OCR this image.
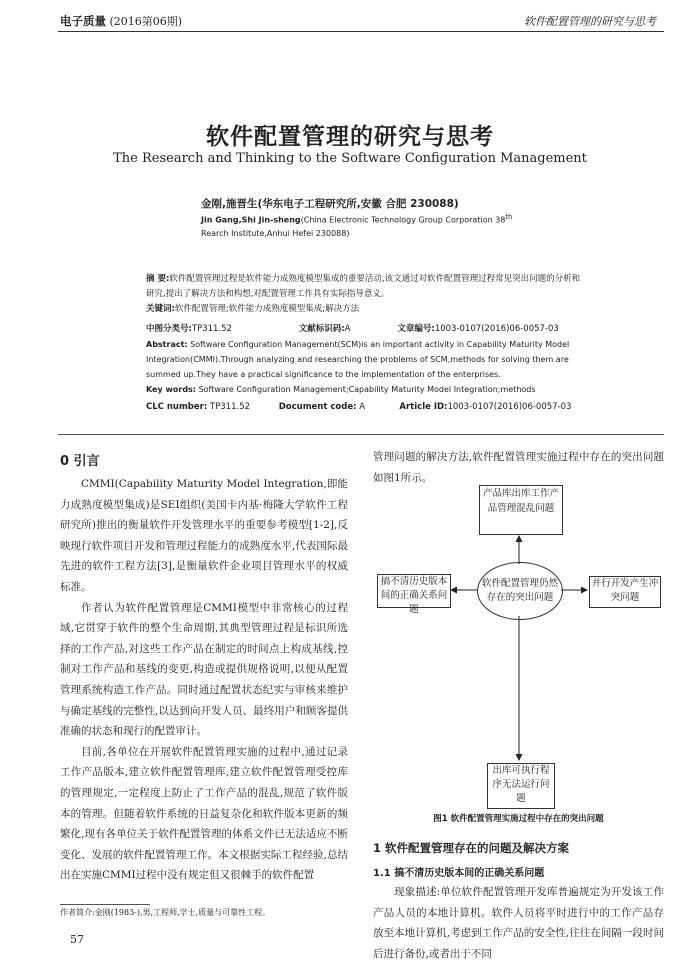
电子质量 (2016第06期)	软件配置管理的研究与思考
软件配置管理的研究与思考
The Research and Thinking to the Software Configuration Management
金刚,施晋生(华东电子工程研究所,安徽 合肥 230088)
Jin Gang,Shi Jin-sheng(China Electronic Technology Group Corporation 38th Rearch Institute,Anhui Hefei 230088)
摘 要:软件配置管理过程是软件能力成熟度模型集成的重要活动,该文通过对软件配置管理过程常见突出问题的分析和研究,提出了解决方法和构想,对配置管理工作具有实际指导意义。
关键词:软件配置管理;软件能力成熟度模型集成;解决方法
中图分类号:TP311.52	文献标识码:A	文章编号:1003-0107(2016)06-0057-03
Abstract: Software Configuration Management(SCM)is an important activity in Capability Maturity Model Integration(CMMI).Through analyzing and researching the problems of SCM,methods for solving them are summed up.They have a practical significance to the implementation of the enterprises.
Key words: Software Configuration Management;Capability Maturity Model Integration;methods
CLC number: TP311.52	Document code: A	Article ID:1003-0107(2016)06-0057-03
0 引言

CMMI(Capability Maturity Model Integration,即能力成熟度模型集成)是SEI组织(美国卡内基·梅隆大学软件工程研究所)推出的衡量软件开发管理水平的重要参考模型[1-2],反映现行软件项目开发和管理过程能力的成熟度水平,代表国际最先进的软件工程方法[3],是衡量软件企业项目管理水平的权威标准。

作者认为软件配置管理是CMMI模型中非常核心的过程域,它贯穿于软件的整个生命周期,其典型管理过程是标识所选择的工作产品,对这些工作产品在制定的时间点上构成基线,控制对工作产品和基线的变更,构造或提供规格说明,以便从配置管理系统构造工作产品。同时通过配置状态纪实与审核来维护与确定基线的完整性,以达到向开发人员、最终用户和顾客提供准确的状态和现行的配置审计。

目前,各单位在开展软件配置管理实施的过程中,通过记录工作产品版本,建立软件配置管理库,建立软件配置管理受控库的管理规定,一定程度上防止了工作产品的混乱,规范了软件版本的管理。但随着软件系统的日益复杂化和软件版本更新的频繁化,现有各单位关于软件配置管理的体系文件已无法适应不断变化、发展的软件配置管理工作。本文根据实际工程经验,总结出在实施CMMI过程中没有规定但又很棘手的软件配置

管理问题的解决方法,软件配置管理实施过程中存在的突出问题如图1所示。

产品库出库工作产品管理混乱问题
搞不清历史版本间的正确关系问题
软件配置管理仍然存在的突出问题
并行开发产生冲突问题
出库可执行程序无法运行问题
图1 软件配置管理实施过程中存在的突出问题
1 软件配置管理存在的问题及解决方案
1.1 搞不清历史版本间的正确关系问题

现象描述:单位软件配置管理开发库普遍规定为开发该工作产品人员的本地计算机。软件人员将平时进行中的工作产品存放至本地计算机,考虑到工作产品的安全性,往往在间隔一段时间后进行备份,或者出于不同

作者简介:金刚(1983-),男,工程师,学士,质量与可靠性工程。
57
